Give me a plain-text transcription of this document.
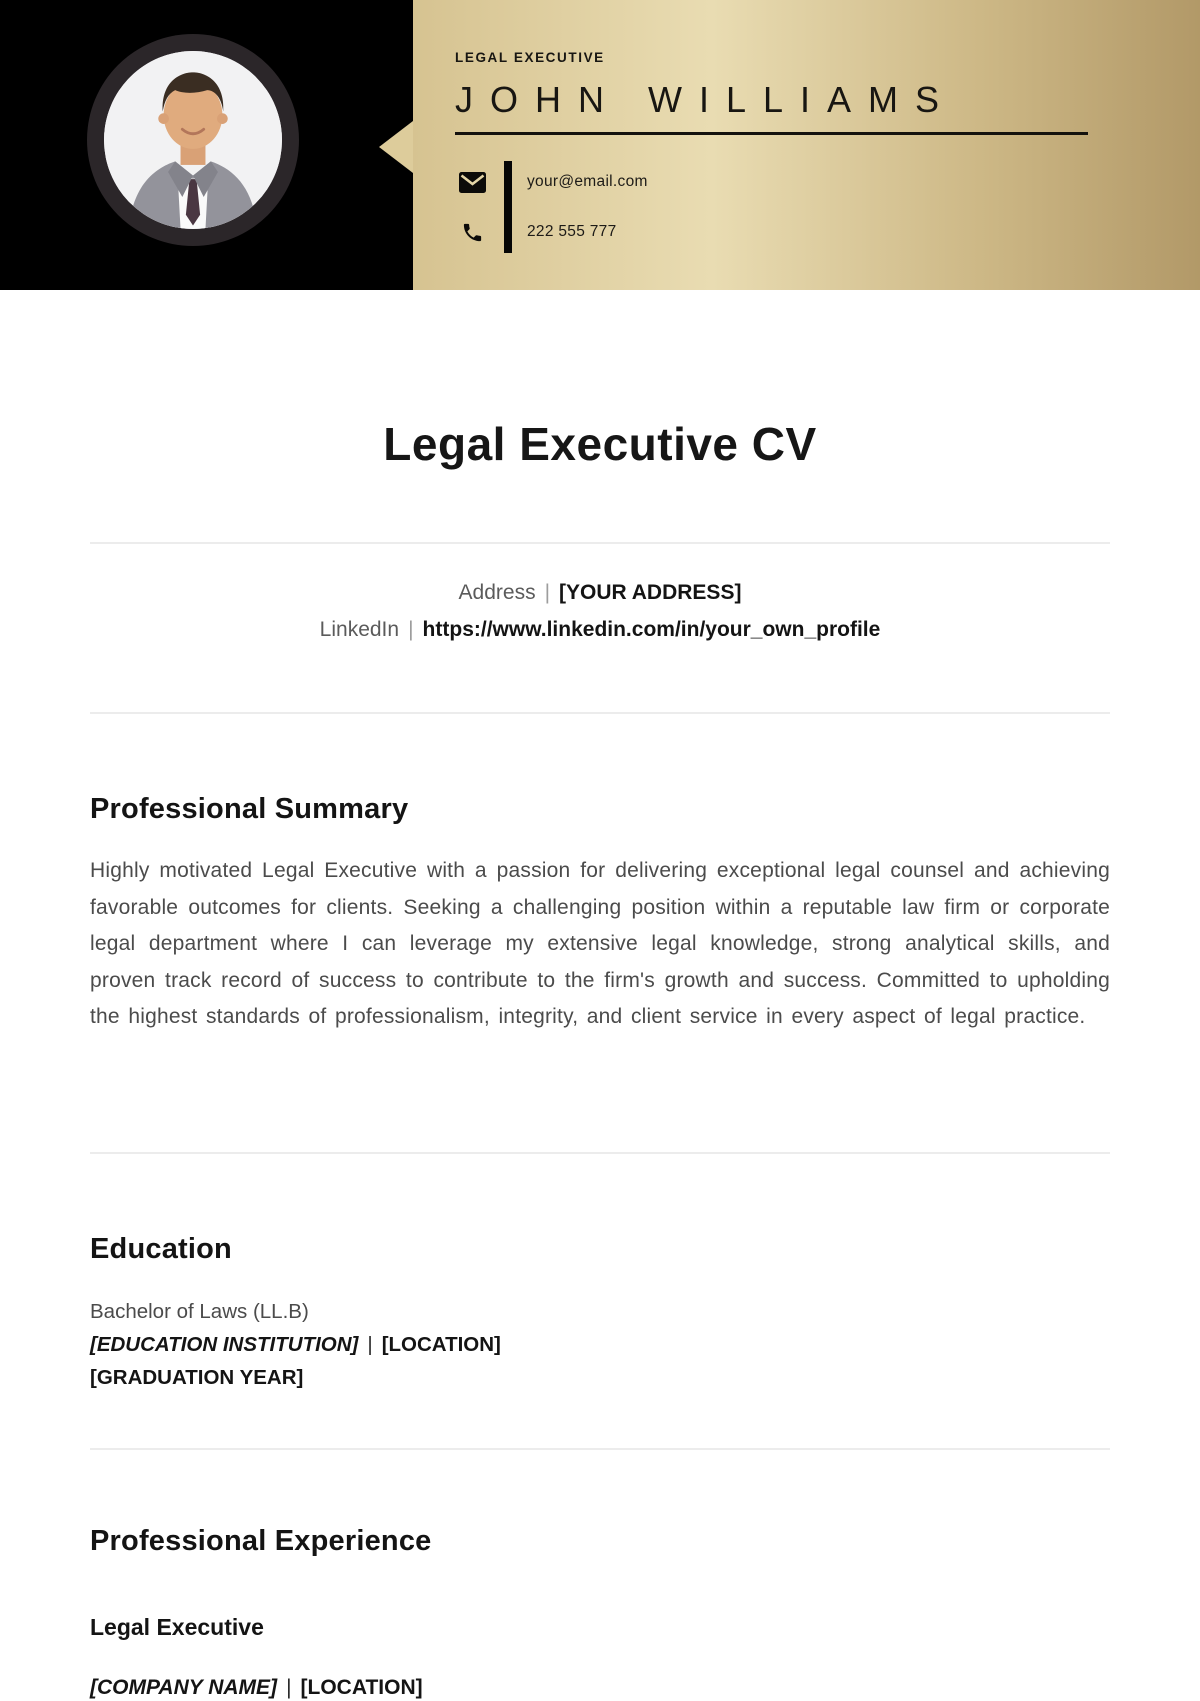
LEGAL EXECUTIVE
JOHN WILLIAMS
your@email.com
222 555 777
Legal Executive CV
Address | [YOUR ADDRESS]
LinkedIn | https://www.linkedin.com/in/your_own_profile
Professional Summary

Highly motivated Legal Executive with a passion for delivering exceptional legal counsel and achieving favorable outcomes for clients. Seeking a challenging position within a reputable law firm or corporate legal department where I can leverage my extensive legal knowledge, strong analytical skills, and proven track record of success to contribute to the firm's growth and success. Committed to upholding the highest standards of professionalism, integrity, and client service in every aspect of legal practice.

Education
Bachelor of Laws (LL.B)
[EDUCATION INSTITUTION] | [LOCATION]
[GRADUATION YEAR]
Professional Experience
Legal Executive
[COMPANY NAME] | [LOCATION]
